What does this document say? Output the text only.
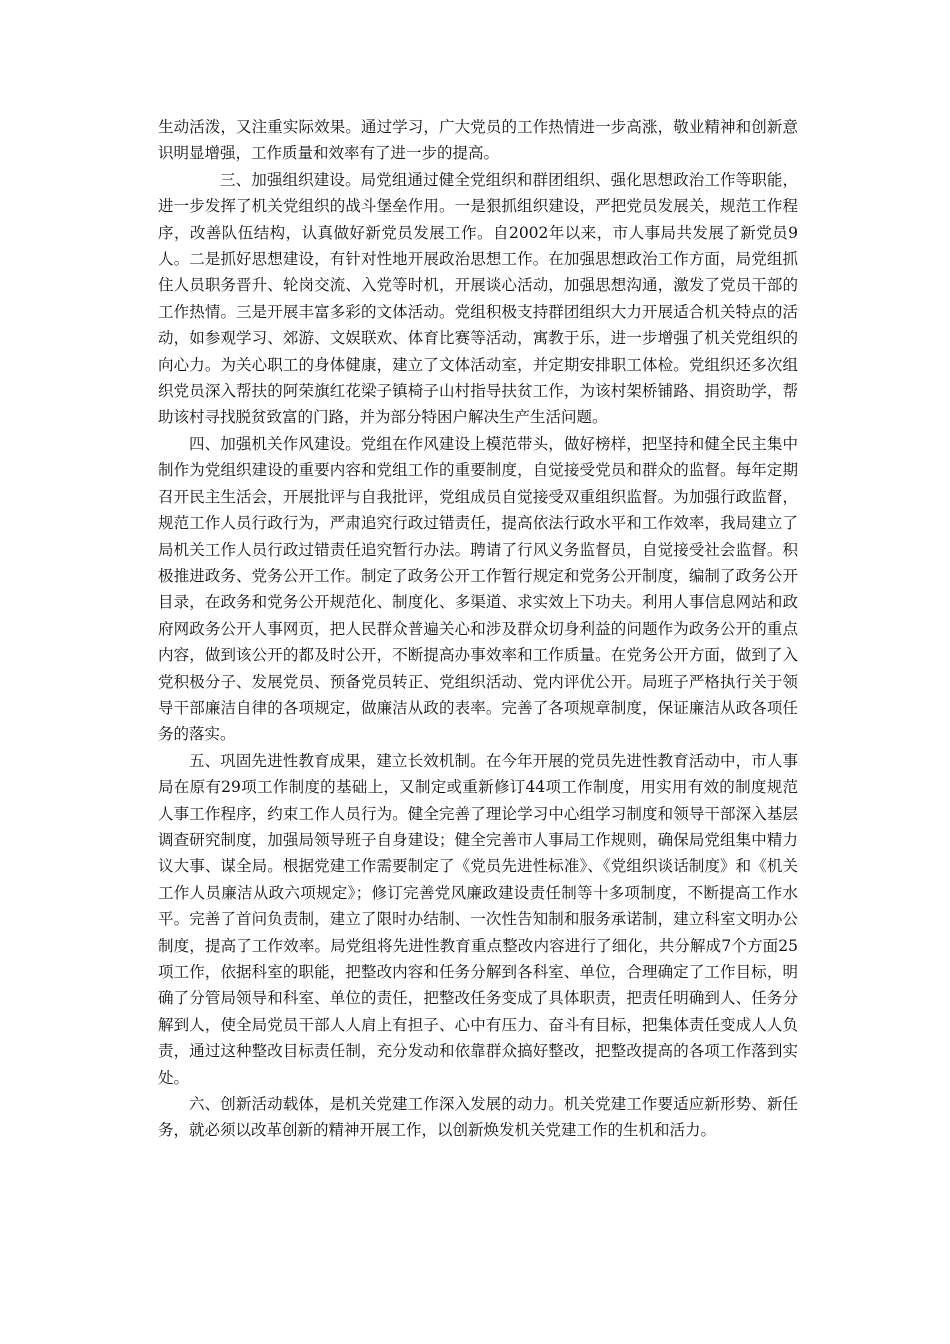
生动活泼，又注重实际效果。通过学习，广大党员的工作热情进一步高涨，敬业精神和创新意识明显增强，工作质量和效率有了进一步的提高。

三、加强组织建设。局党组通过健全党组织和群团组织、强化思想政治工作等职能，进一步发挥了机关党组织的战斗堡垒作用。一是狠抓组织建设，严把党员发展关，规范工作程序，改善队伍结构，认真做好新党员发展工作。自2002年以来，市人事局共发展了新党员9人。二是抓好思想建设，有针对性地开展政治思想工作。在加强思想政治工作方面，局党组抓住人员职务晋升、轮岗交流、入党等时机，开展谈心活动，加强思想沟通，激发了党员干部的工作热情。三是开展丰富多彩的文体活动。党组积极支持群团组织大力开展适合机关特点的活动，如参观学习、郊游、文娱联欢、体育比赛等活动，寓教于乐，进一步增强了机关党组织的向心力。为关心职工的身体健康，建立了文体活动室，并定期安排职工体检。党组织还多次组织党员深入帮扶的阿荣旗红花梁子镇椅子山村指导扶贫工作，为该村架桥铺路、捐资助学，帮助该村寻找脱贫致富的门路，并为部分特困户解决生产生活问题。

四、加强机关作风建设。党组在作风建设上模范带头，做好榜样，把坚持和健全民主集中制作为党组织建设的重要内容和党组工作的重要制度，自觉接受党员和群众的监督。每年定期召开民主生活会，开展批评与自我批评，党组成员自觉接受双重组织监督。为加强行政监督，规范工作人员行政行为，严肃追究行政过错责任，提高依法行政水平和工作效率，我局建立了局机关工作人员行政过错责任追究暂行办法。聘请了行风义务监督员，自觉接受社会监督。积极推进政务、党务公开工作。制定了政务公开工作暂行规定和党务公开制度，编制了政务公开目录，在政务和党务公开规范化、制度化、多渠道、求实效上下功夫。利用人事信息网站和政府网政务公开人事网页，把人民群众普遍关心和涉及群众切身利益的问题作为政务公开的重点内容，做到该公开的都及时公开，不断提高办事效率和工作质量。在党务公开方面，做到了入党积极分子、发展党员、预备党员转正、党组织活动、党内评优公开。局班子严格执行关于领导干部廉洁自律的各项规定，做廉洁从政的表率。完善了各项规章制度，保证廉洁从政各项任务的落实。

五、巩固先进性教育成果，建立长效机制。在今年开展的党员先进性教育活动中，市人事局在原有29项工作制度的基础上，又制定或重新修订44项工作制度，用实用有效的制度规范人事工作程序，约束工作人员行为。健全完善了理论学习中心组学习制度和领导干部深入基层调查研究制度，加强局领导班子自身建设；健全完善市人事局工作规则，确保局党组集中精力议大事、谋全局。根据党建工作需要制定了《党员先进性标准》、《党组织谈话制度》和《机关工作人员廉洁从政六项规定》；修订完善党风廉政建设责任制等十多项制度，不断提高工作水平。完善了首问负责制，建立了限时办结制、一次性告知制和服务承诺制，建立科室文明办公制度，提高了工作效率。局党组将先进性教育重点整改内容进行了细化，共分解成7个方面25项工作，依据科室的职能，把整改内容和任务分解到各科室、单位，合理确定了工作目标，明确了分管局领导和科室、单位的责任，把整改任务变成了具体职责，把责任明确到人、任务分解到人，使全局党员干部人人肩上有担子、心中有压力、奋斗有目标，把集体责任变成人人负责，通过这种整改目标责任制，充分发动和依靠群众搞好整改，把整改提高的各项工作落到实处。

六、创新活动载体，是机关党建工作深入发展的动力。机关党建工作要适应新形势、新任务，就必须以改革创新的精神开展工作，以创新焕发机关党建工作的生机和活力。
